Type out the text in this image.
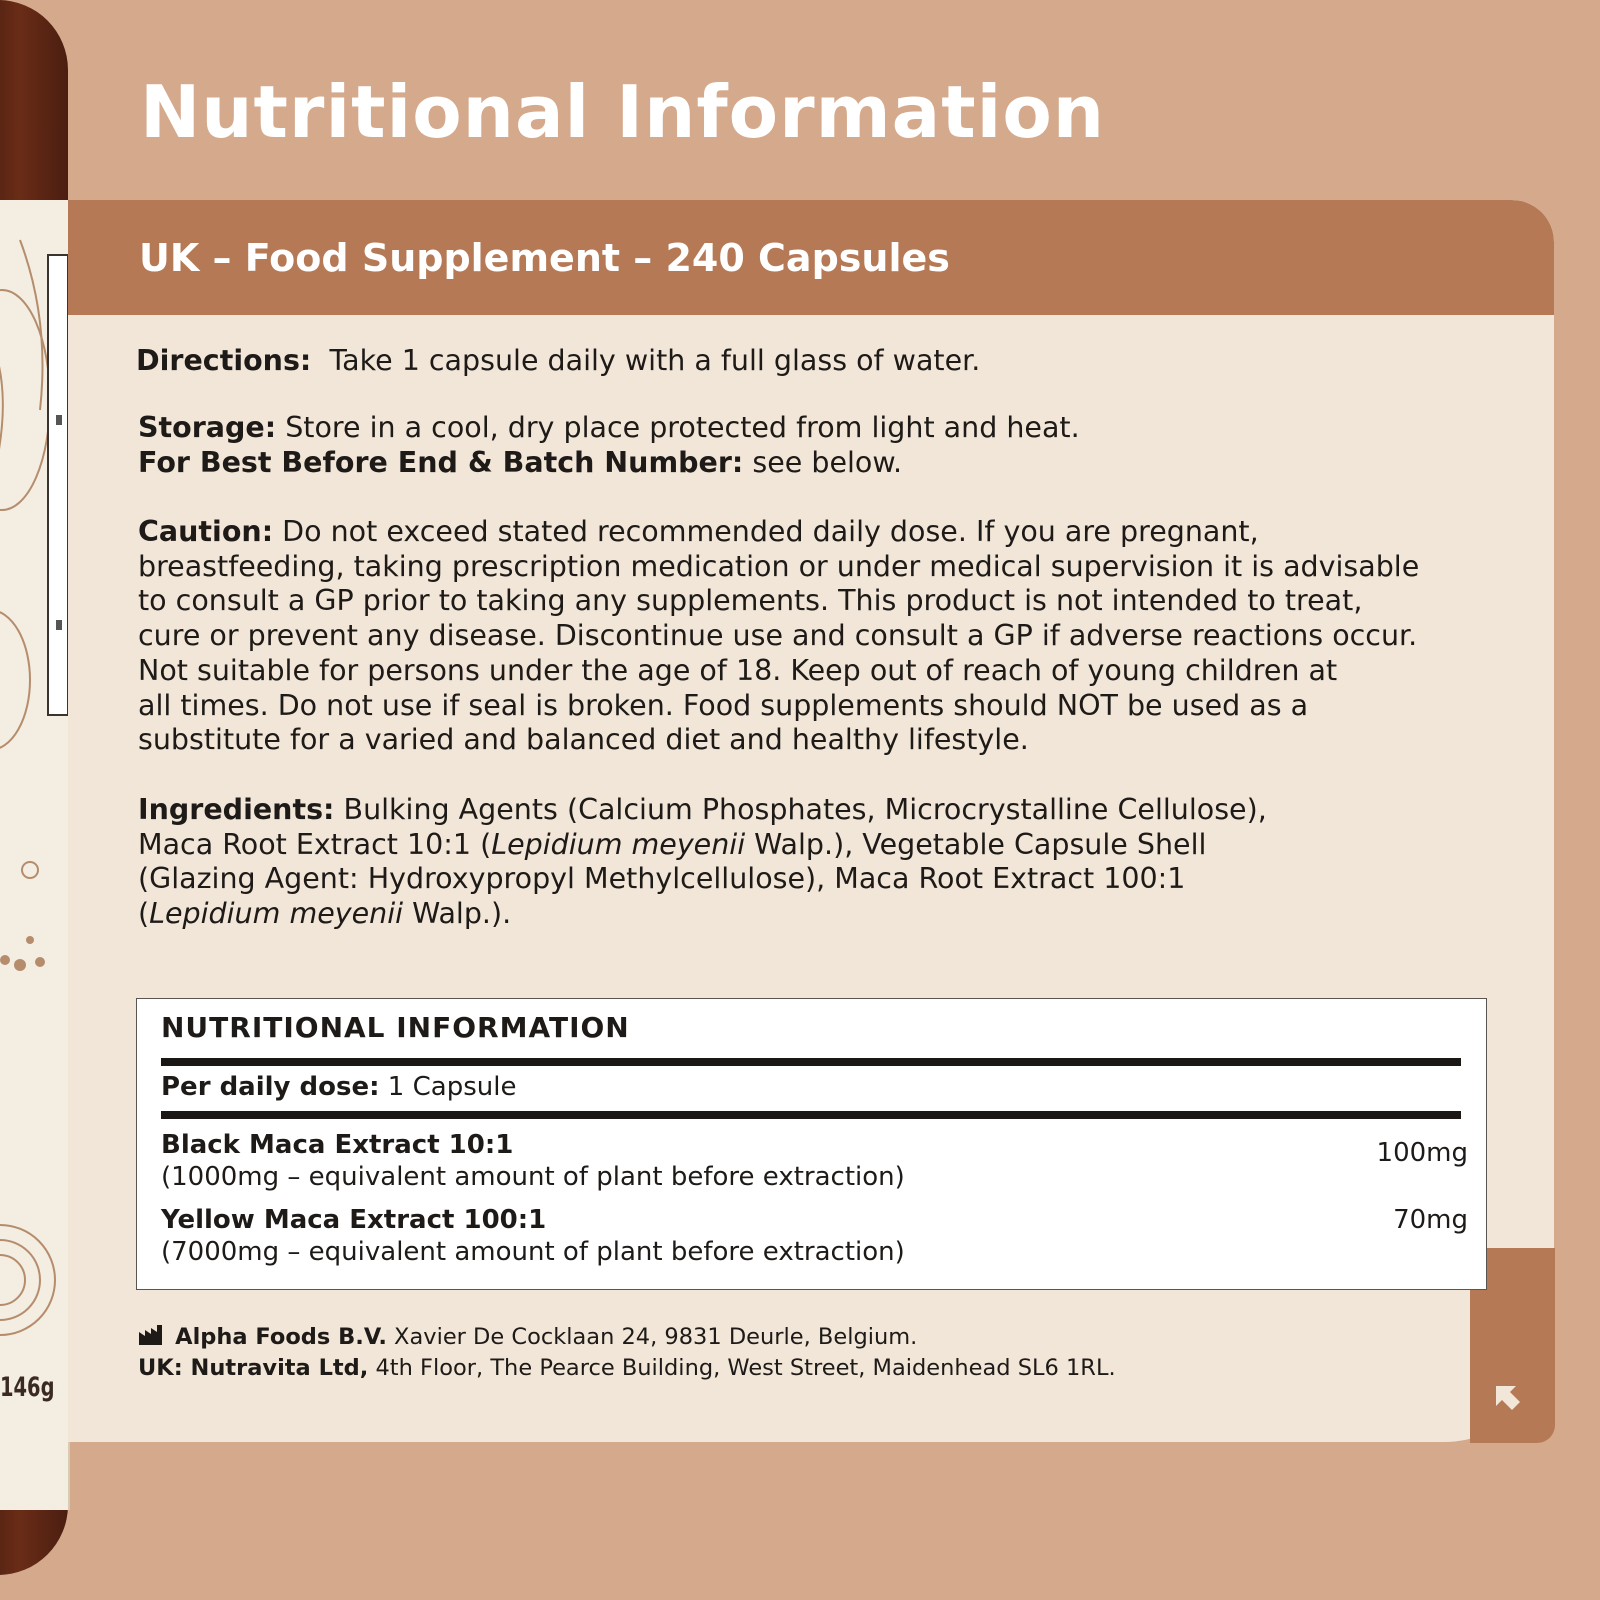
146g
Nutritional Information
UK – Food Supplement – 240 Capsules

Directions: Take 1 capsule daily with a full glass of water.

Storage: Store in a cool, dry place protected from light and heat.
For Best Before End & Batch Number: see below.

Caution: Do not exceed stated recommended daily dose. If you are pregnant,
breastfeeding, taking prescription medication or under medical supervision it is advisable
to consult a GP prior to taking any supplements. This product is not intended to treat,
cure or prevent any disease. Discontinue use and consult a GP if adverse reactions occur.
Not suitable for persons under the age of 18. Keep out of reach of young children at
all times. Do not use if seal is broken. Food supplements should NOT be used as a
substitute for a varied and balanced diet and healthy lifestyle.

Ingredients: Bulking Agents (Calcium Phosphates, Microcrystalline Cellulose),
Maca Root Extract 10:1 (Lepidium meyenii Walp.), Vegetable Capsule Shell
(Glazing Agent: Hydroxypropyl Methylcellulose), Maca Root Extract 100:1
(Lepidium meyenii Walp.).

NUTRITIONAL INFORMATION
Per daily dose: 1 Capsule
Black Maca Extract 10:1
(1000mg – equivalent amount of plant before extraction)
100mg
Yellow Maca Extract 100:1
(7000mg – equivalent amount of plant before extraction)
70mg

Alpha Foods B.V. Xavier De Cocklaan 24, 9831 Deurle, Belgium.

UK: Nutravita Ltd, 4th Floor, The Pearce Building, West Street, Maidenhead SL6 1RL.
